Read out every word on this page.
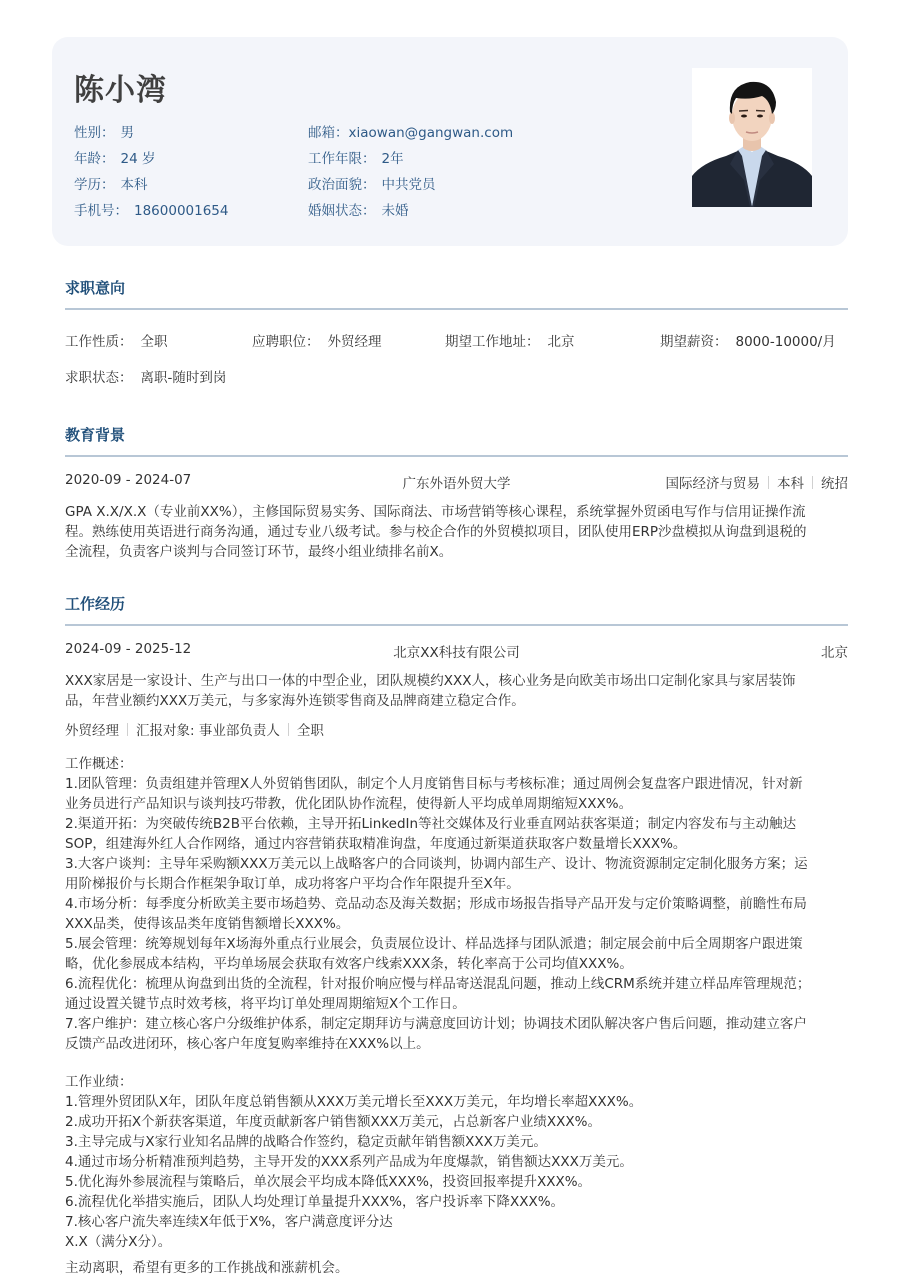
陈小湾
性别： 男
年龄： 24 岁
学历： 本科
手机号： 18600001654
邮箱：xiaowan@gangwan.com
工作年限： 2年
政治面貌： 中共党员
婚姻状态： 未婚
求职意向
工作性质： 全职	应聘职位： 外贸经理	期望工作地址： 北京	期望薪资： 8000-10000/月
求职状态： 离职-随时到岗
教育背景
2020-09 - 2024-07	广东外语外贸大学	国际经济与贸易 本科 统招
GPA X.X/X.X（专业前XX%），主修国际贸易实务、国际商法、市场营销等核心课程，系统掌握外贸函电写作与信用证操作流
程。熟练使用英语进行商务沟通，通过专业八级考试。参与校企合作的外贸模拟项目，团队使用ERP沙盘模拟从询盘到退税的
全流程，负责客户谈判与合同签订环节，最终小组业绩排名前X。
工作经历
2024-09 - 2025-12	北京XX科技有限公司	北京
XXX家居是一家设计、生产与出口一体的中型企业，团队规模约XXX人，核心业务是向欧美市场出口定制化家具与家居装饰
品，年营业额约XXX万美元，与多家海外连锁零售商及品牌商建立稳定合作。
外贸经理 汇报对象: 事业部负责人 全职
工作概述：
1.团队管理：负责组建并管理X人外贸销售团队，制定个人月度销售目标与考核标准；通过周例会复盘客户跟进情况，针对新
业务员进行产品知识与谈判技巧带教，优化团队协作流程，使得新人平均成单周期缩短XXX%。
2.渠道开拓：为突破传统B2B平台依赖，主导开拓LinkedIn等社交媒体及行业垂直网站获客渠道；制定内容发布与主动触达
SOP，组建海外红人合作网络，通过内容营销获取精准询盘，年度通过新渠道获取客户数量增长XXX%。
3.大客户谈判：主导年采购额XXX万美元以上战略客户的合同谈判，协调内部生产、设计、物流资源制定定制化服务方案；运
用阶梯报价与长期合作框架争取订单，成功将客户平均合作年限提升至X年。
4.市场分析：每季度分析欧美主要市场趋势、竞品动态及海关数据；形成市场报告指导产品开发与定价策略调整，前瞻性布局
XXX品类，使得该品类年度销售额增长XXX%。
5.展会管理：统筹规划每年X场海外重点行业展会，负责展位设计、样品选择与团队派遣；制定展会前中后全周期客户跟进策
略，优化参展成本结构，平均单场展会获取有效客户线索XXX条，转化率高于公司均值XXX%。
6.流程优化：梳理从询盘到出货的全流程，针对报价响应慢与样品寄送混乱问题，推动上线CRM系统并建立样品库管理规范；
通过设置关键节点时效考核，将平均订单处理周期缩短X个工作日。
7.客户维护：建立核心客户分级维护体系，制定定期拜访与满意度回访计划；协调技术团队解决客户售后问题，推动建立客户
反馈产品改进闭环，核心客户年度复购率维持在XXX%以上。
工作业绩：
1.管理外贸团队X年，团队年度总销售额从XXX万美元增长至XXX万美元，年均增长率超XXX%。
2.成功开拓X个新获客渠道，年度贡献新客户销售额XXX万美元，占总新客户业绩XXX%。
3.主导完成与X家行业知名品牌的战略合作签约，稳定贡献年销售额XXX万美元。
4.通过市场分析精准预判趋势，主导开发的XXX系列产品成为年度爆款，销售额达XXX万美元。
5.优化海外参展流程与策略后，单次展会平均成本降低XXX%，投资回报率提升XXX%。
6.流程优化举措实施后，团队人均处理订单量提升XXX%，客户投诉率下降XXX%。
7.核心客户流失率连续X年低于X%，客户满意度评分达
X.X（满分X分）。
主动离职，希望有更多的工作挑战和涨薪机会。
